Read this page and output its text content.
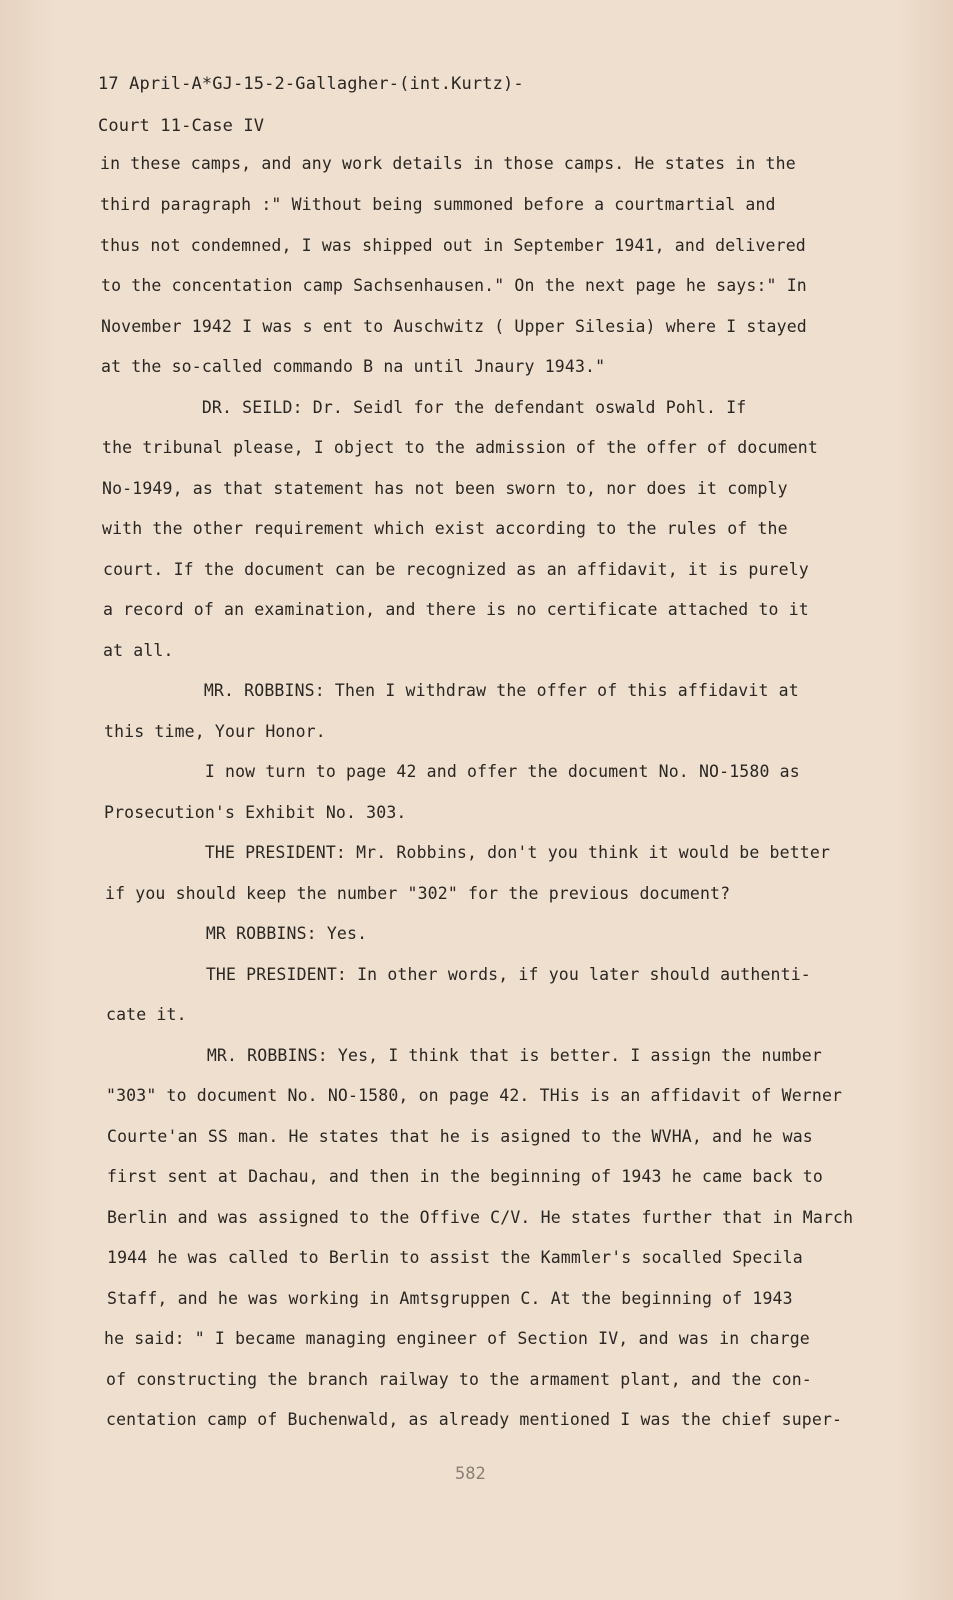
17 April-A*GJ-15-2-Gallagher-(int.Kurtz)-
Court 11-Case IV
in these camps, and any work details in those camps. He states in the
third paragraph :" Without being summoned before a courtmartial and
thus not condemned, I was shipped out in September 1941, and delivered
to the concentation camp Sachsenhausen." On the next page he says:" In
November 1942 I was s ent to Auschwitz ( Upper Silesia) where I stayed
at the so-called commando B na until Jnaury 1943."
DR. SEILD: Dr. Seidl for the defendant oswald Pohl. If
the tribunal please, I object to the admission of the offer of document
No-1949, as that statement has not been sworn to, nor does it comply
with the other requirement which exist according to the rules of the
court. If the document can be recognized as an affidavit, it is purely
a record of an examination, and there is no certificate attached to it
at all.
MR. ROBBINS: Then I withdraw the offer of this affidavit at
this time, Your Honor.
I now turn to page 42 and offer the document No. NO-1580 as
Prosecution's Exhibit No. 303.
THE PRESIDENT: Mr. Robbins, don't you think it would be better
if you should keep the number "302" for the previous document?
MR ROBBINS: Yes.
THE PRESIDENT: In other words, if you later should authenti-
cate it.
MR. ROBBINS: Yes, I think that is better. I assign the number
"303" to document No. NO-1580, on page 42. THis is an affidavit of Werner
Courte'an SS man. He states that he is asigned to the WVHA, and he was
first sent at Dachau, and then in the beginning of 1943 he came back to
Berlin and was assigned to the Offive C/V. He states further that in March
1944 he was called to Berlin to assist the Kammler's socalled Specila
Staff, and he was working in Amtsgruppen C. At the beginning of 1943
he said: " I became managing engineer of Section IV, and was in charge
of constructing the branch railway to the armament plant, and the con-
centation camp of Buchenwald, as already mentioned I was the chief super-
582
